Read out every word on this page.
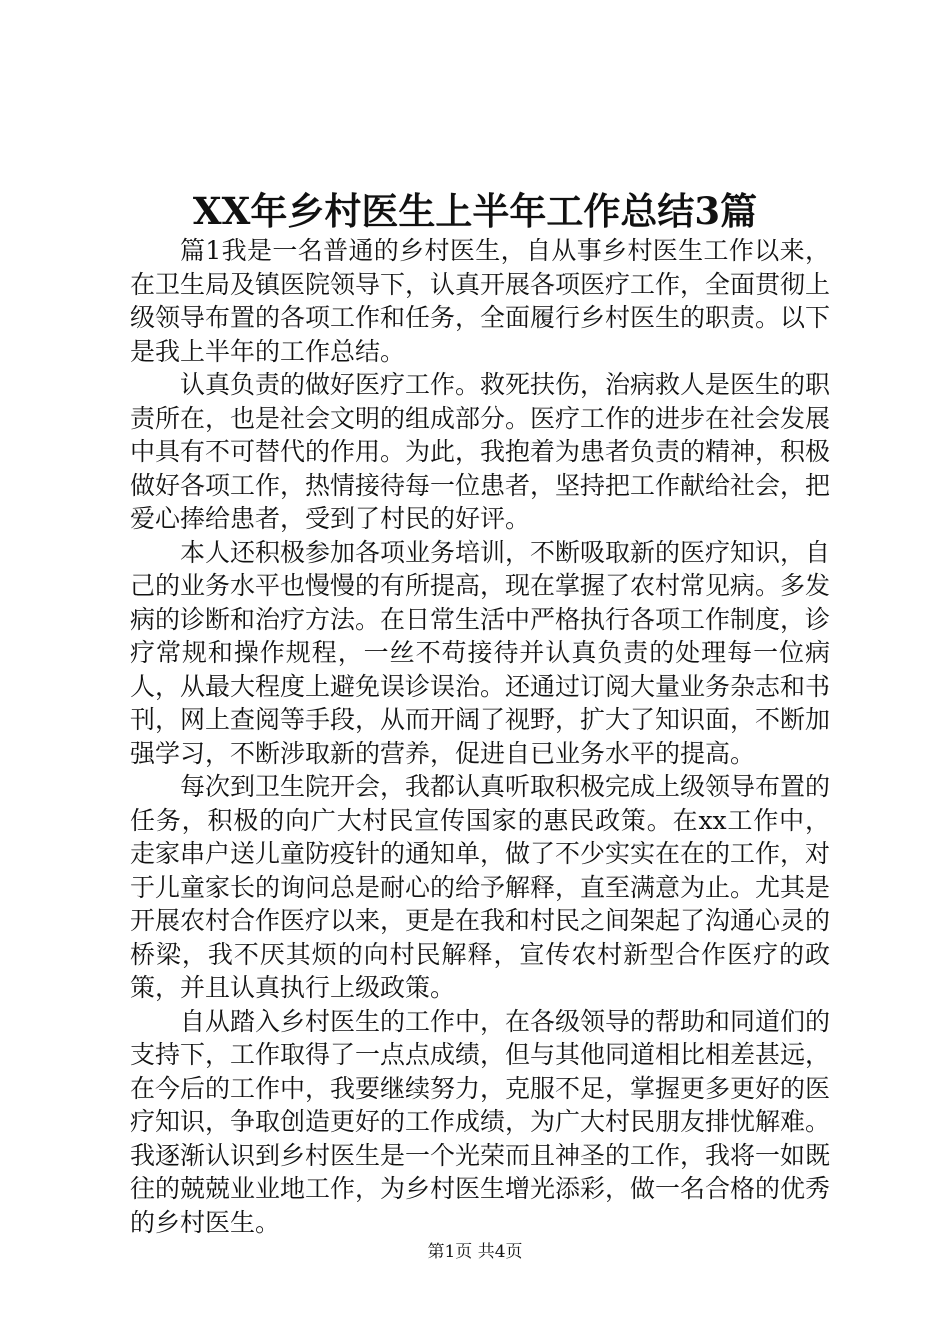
XX年乡村医生上半年工作总结3篇

篇1我是一名普通的乡村医生，自从事乡村医生工作以来，在卫生局及镇医院领导下，认真开展各项医疗工作，全面贯彻上级领导布置的各项工作和任务，全面履行乡村医生的职责。以下是我上半年的工作总结。

认真负责的做好医疗工作。救死扶伤，治病救人是医生的职责所在，也是社会文明的组成部分。医疗工作的进步在社会发展中具有不可替代的作用。为此，我抱着为患者负责的精神，积极做好各项工作，热情接待每一位患者，坚持把工作献给社会，把爱心捧给患者，受到了村民的好评。

本人还积极参加各项业务培训，不断吸取新的医疗知识，自己的业务水平也慢慢的有所提高，现在掌握了农村常见病。多发病的诊断和治疗方法。在日常生活中严格执行各项工作制度，诊疗常规和操作规程，一丝不苟接待并认真负责的处理每一位病人，从最大程度上避免误诊误治。还通过订阅大量业务杂志和书刊，网上查阅等手段，从而开阔了视野，扩大了知识面，不断加强学习，不断涉取新的营养，促进自已业务水平的提高。

每次到卫生院开会，我都认真听取积极完成上级领导布置的任务，积极的向广大村民宣传国家的惠民政策。在xx工作中，走家串户送儿童防疫针的通知单，做了不少实实在在的工作，对于儿童家长的询问总是耐心的给予解释，直至满意为止。尤其是开展农村合作医疗以来，更是在我和村民之间架起了沟通心灵的桥梁，我不厌其烦的向村民解释，宣传农村新型合作医疗的政策，并且认真执行上级政策。

自从踏入乡村医生的工作中，在各级领导的帮助和同道们的支持下，工作取得了一点点成绩，但与其他同道相比相差甚远，在今后的工作中，我要继续努力，克服不足，掌握更多更好的医疗知识，争取创造更好的工作成绩，为广大村民朋友排忧解难。我逐渐认识到乡村医生是一个光荣而且神圣的工作，我将一如既往的兢兢业业地工作，为乡村医生增光添彩，做一名合格的优秀的乡村医生。

第1页 共4页
